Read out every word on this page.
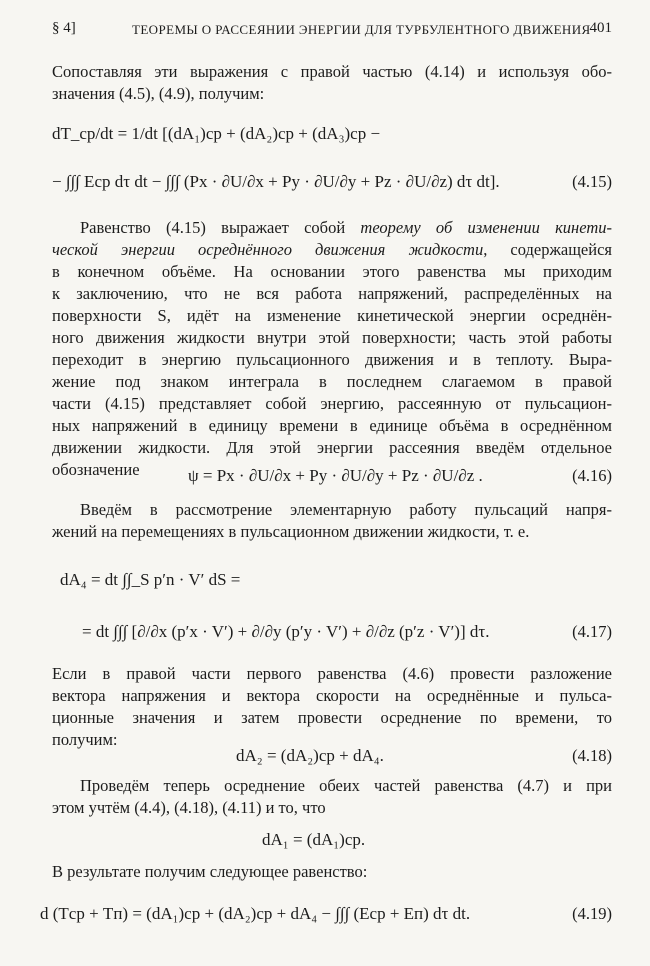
§ 4]	ТЕОРЕМЫ О РАССЕЯНИИ ЭНЕРГИИ ДЛЯ ТУРБУЛЕНТНОГО ДВИЖЕНИЯ
401
Сопоставляя эти выражения с правой частью (4.14) и используя обо-
значения (4.5), (4.9), получим:
dT_ср/dt = 1/dt [(dA₁)ср + (dA₂)ср + (dA₃)ср −
− ∫∫∫ Eср dτ dt − ∫∫∫ (Px · ∂U/∂x + Py · ∂U/∂y + Pz · ∂U/∂z) dτ dt].	(4.15)
Равенство (4.15) выражает собой теорему об изменении кинети-
ческой энергии осреднённого движения жидкости, содержащейся
в конечном объёме. На основании этого равенства мы приходим
к заключению, что не вся работа напряжений, распределённых на
поверхности S, идёт на изменение кинетической энергии осреднён-
ного движения жидкости внутри этой поверхности; часть этой работы
переходит в энергию пульсационного движения и в теплоту. Выра-
жение под знаком интеграла в последнем слагаемом в правой
части (4.15) представляет собой энергию, рассеянную от пульсацион-
ных напряжений в единицу времени в единице объёма в осреднённом
движении жидкости. Для этой энергии рассеяния введём отдельное
обозначение	ψ = Px · ∂U/∂x + Py · ∂U/∂y + Pz · ∂U/∂z .	(4.16)
Введём в рассмотрение элементарную работу пульсаций напря-
жений на перемещениях в пульсационном движении жидкости, т. е.
dA₄ = dt ∫∫_S p′n · V′ dS =
= dt ∫∫∫ [∂/∂x (p′x · V′) + ∂/∂y (p′y · V′) + ∂/∂z (p′z · V′)] dτ.	(4.17)
Если в правой части первого равенства (4.6) провести разложение
вектора напряжения и вектора скорости на осреднённые и пульса-
ционные значения и затем провести осреднение по времени, то
получим:
dA₂ = (dA₂)ср + dA₄.	(4.18)
Проведём теперь осреднение обеих частей равенства (4.7) и при
этом учтём (4.4), (4.18), (4.11) и то, что
dA₁ = (dA₁)ср.
В результате получим следующее равенство:
d (Tср + Tп) = (dA₁)ср + (dA₂)ср + dA₄ − ∫∫∫ (Eср + Eп) dτ dt.	(4.19)
